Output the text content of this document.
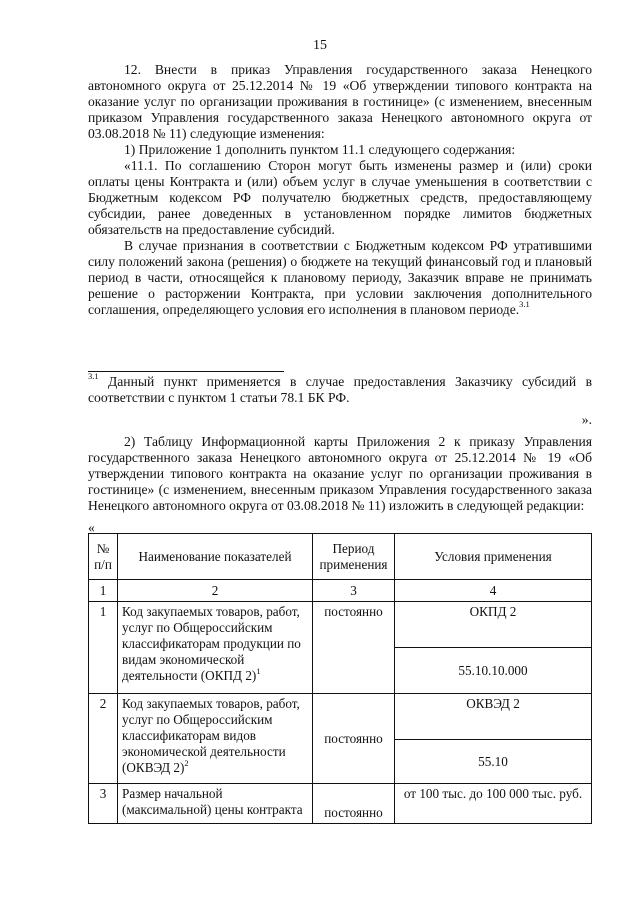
15

12. Внести в приказ Управления государственного заказа Ненецкого автономного округа от 25.12.2014 № 19 «Об утверждении типового контракта на оказание услуг по организации проживания в гостинице» (с изменением, внесенным приказом Управления государственного заказа Ненецкого автономного округа от 03.08.2018 № 11) следующие изменения:

1) Приложение 1 дополнить пунктом 11.1 следующего содержания:

«11.1. По соглашению Сторон могут быть изменены размер и (или) сроки оплаты цены Контракта и (или) объем услуг в случае уменьшения в соответствии с Бюджетным кодексом РФ получателю бюджетных средств, предоставляющему субсидии, ранее доведенных в установленном порядке лимитов бюджетных обязательств на предоставление субсидий.

В случае признания в соответствии с Бюджетным кодексом РФ утратившими силу положений закона (решения) о бюджете на текущий финансовый год и плановый период в части, относящейся к плановому периоду, Заказчик вправе не принимать решение о расторжении Контракта, при условии заключения дополнительного соглашения, определяющего условия его исполнения в плановом периоде.$^{3.1}$

$^{3.1}$ Данный пункт применяется в случае предоставления Заказчику субсидий в соответствии с пунктом 1 статьи 78.1 БК РФ.

».

2) Таблицу Информационной карты Приложения 2 к приказу Управления государственного заказа Ненецкого автономного округа от 25.12.2014 № 19 «Об утверждении типового контракта на оказание услуг по организации проживания в гостинице» (с изменением, внесенным приказом Управления государственного заказа Ненецкого автономного округа от 03.08.2018 № 11) изложить в следующей редакции:

«
№ п/п	Наименование показателей	Период применения	Условия применения
1	2	3	4
1	Код закупаемых товаров, работ, услуг по Общероссийским классификаторам продукции по видам экономической деятельности (ОКПД 2)$^1$	постоянно	ОКПД 2
			55.10.10.000
2	Код закупаемых товаров, работ, услуг по Общероссийским классификаторам видов экономической деятельности (ОКВЭД 2)$^2$	постоянно	ОКВЭД 2
			55.10
3	Размер начальной (максимальной) цены контракта	постоянно	от 100 тыс. до 100 000 тыс. руб.
